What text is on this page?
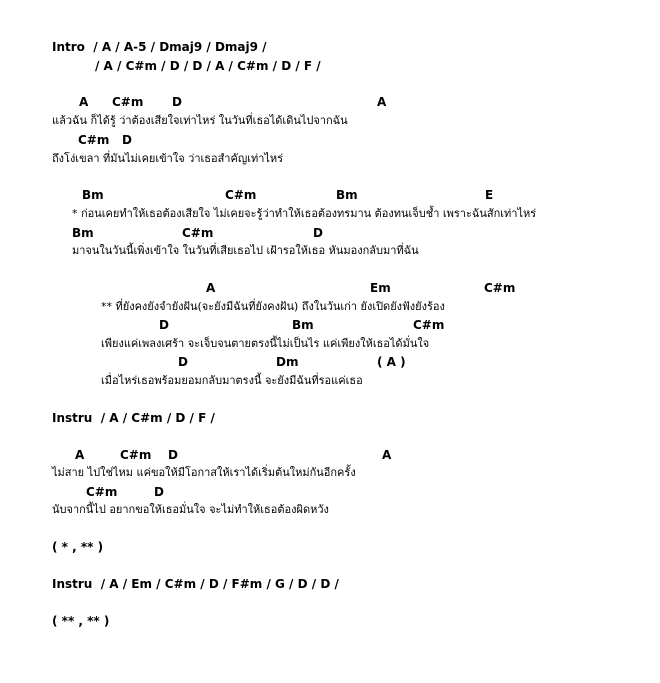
Intro  / A / A-5 / Dmaj9 / Dmaj9 /
/ A / C#m / D / D / A / C#m / D / F /
A C#m D	A
แล้วฉัน ก็ได้รู้ ว่าต้องเสียใจเท่าไหร่ ในวันที่เธอได้เดินไปจากฉัน
C#m D
ถึงโง่เขลา ที่มันไม่เคยเข้าใจ ว่าเธอสำคัญเท่าไหร่
Bm	C#m	Bm	E
* ก่อนเคยทำให้เธอต้องเสียใจ ไม่เคยจะรู้ว่าทำให้เธอต้องทรมาน ต้องทนเจ็บช้ำ เพราะฉันสักเท่าไหร่
Bm	C#m	D
มาจนในวันนี้เพิ่งเข้าใจ ในวันที่เสียเธอไป เฝ้ารอให้เธอ หันมองกลับมาที่ฉัน
A	Em	C#m
** ที่ยังคงยังจำยังฝัน(จะยังมีฉันที่ยังคงฝัน) ถึงในวันเก่า ยังเปิดยังฟังยังร้อง
D	Bm	C#m
เพียงแค่เพลงเศร้า จะเจ็บจนตายตรงนี้ไม่เป็นไร แค่เพียงให้เธอได้มั่นใจ
D	Dm	( A )
เมื่อไหร่เธอพร้อมยอมกลับมาตรงนี้ จะยังมีฉันที่รอแค่เธอ
Instru  / A / C#m / D / F /
A	C#m D	A
ไม่สาย ไปใช่ไหม แค่ขอให้มีโอกาสให้เราได้เริ่มต้นใหม่กันอีกครั้ง
C#m	D
นับจากนี้ไป อยากขอให้เธอมั่นใจ จะไม่ทำให้เธอต้องผิดหวัง
( * , ** )
Instru  / A / Em / C#m / D / F#m / G / D / D /
( ** , ** )
